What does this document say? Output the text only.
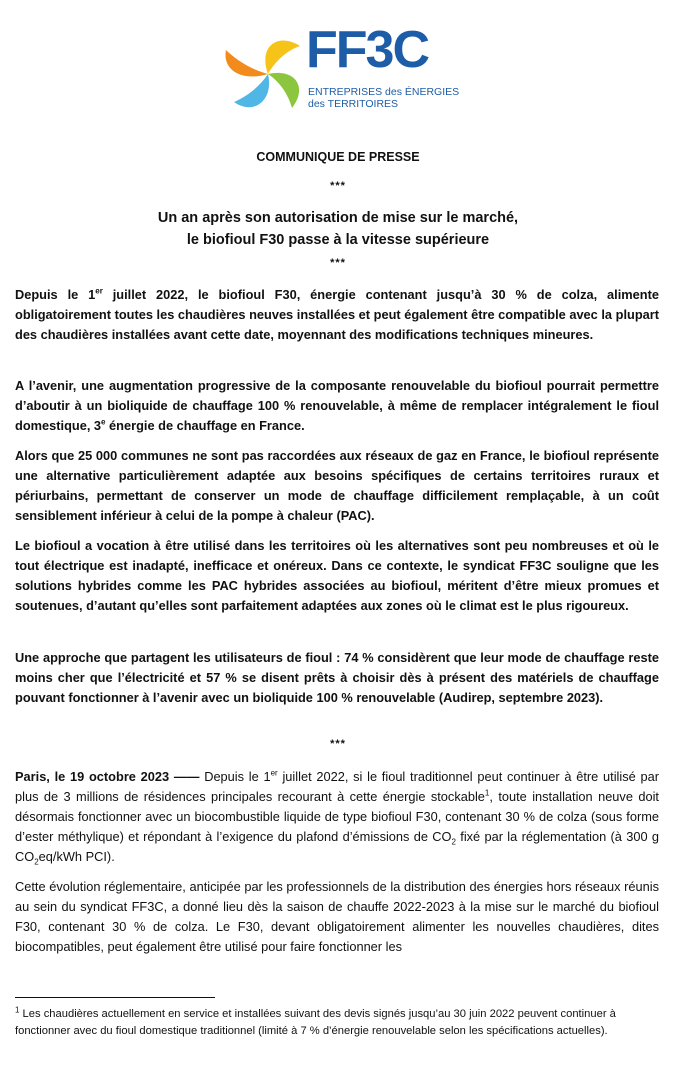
FF3C
ENTREPRISES des ÉNERGIES
des TERRITOIRES
COMMUNIQUE DE PRESSE
***
Un an après son autorisation de mise sur le marché,
le biofioul F30 passe à la vitesse supérieure
***

Depuis le 1er juillet 2022, le biofioul F30, énergie contenant jusqu’à 30 % de colza, alimente obligatoirement toutes les chaudières neuves installées et peut également être compatible avec la plupart des chaudières installées avant cette date, moyennant des modifications techniques mineures.

A l’avenir, une augmentation progressive de la composante renouvelable du biofioul pourrait permettre d’aboutir à un bioliquide de chauffage 100 % renouvelable, à même de remplacer intégralement le fioul domestique, 3e énergie de chauffage en France.

Alors que 25 000 communes ne sont pas raccordées aux réseaux de gaz en France, le biofioul représente une alternative particulièrement adaptée aux besoins spécifiques de certains territoires ruraux et périurbains, permettant de conserver un mode de chauffage difficilement remplaçable, à un coût sensiblement inférieur à celui de la pompe à chaleur (PAC).

Le biofioul a vocation à être utilisé dans les territoires où les alternatives sont peu nombreuses et où le tout électrique est inadapté, inefficace et onéreux. Dans ce contexte, le syndicat FF3C souligne que les solutions hybrides comme les PAC hybrides associées au biofioul, méritent d’être mieux promues et soutenues, d’autant qu’elles sont parfaitement adaptées aux zones où le climat est le plus rigoureux.

Une approche que partagent les utilisateurs de fioul : 74 % considèrent que leur mode de chauffage reste moins cher que l’électricité et 57 % se disent prêts à choisir dès à présent des matériels de chauffage pouvant fonctionner à l’avenir avec un bioliquide 100 % renouvelable (Audirep, septembre 2023).

***

Paris, le 19 octobre 2023 —— Depuis le 1er juillet 2022, si le fioul traditionnel peut continuer à être utilisé par plus de 3 millions de résidences principales recourant à cette énergie stockable$^1$, toute installation neuve doit désormais fonctionner avec un biocombustible liquide de type biofioul F30, contenant 30 % de colza (sous forme d’ester méthylique) et répondant à l’exigence du plafond d’émissions de $CO_2$ fixé par la réglementation (à 300 g $CO_2eq$/kWh PCI).

Cette évolution réglementaire, anticipée par les professionnels de la distribution des énergies hors réseaux réunis au sein du syndicat FF3C, a donné lieu dès la saison de chauffe 2022-2023 à la mise sur le marché du biofioul F30, contenant 30 % de colza. Le F30, devant obligatoirement alimenter les nouvelles chaudières, dites biocompatibles, peut également être utilisé pour faire fonctionner les

$^1$ Les chaudières actuellement en service et installées suivant des devis signés jusqu’au 30 juin 2022 peuvent continuer à fonctionner avec du fioul domestique traditionnel (limité à 7 % d’énergie renouvelable selon les spécifications actuelles).
